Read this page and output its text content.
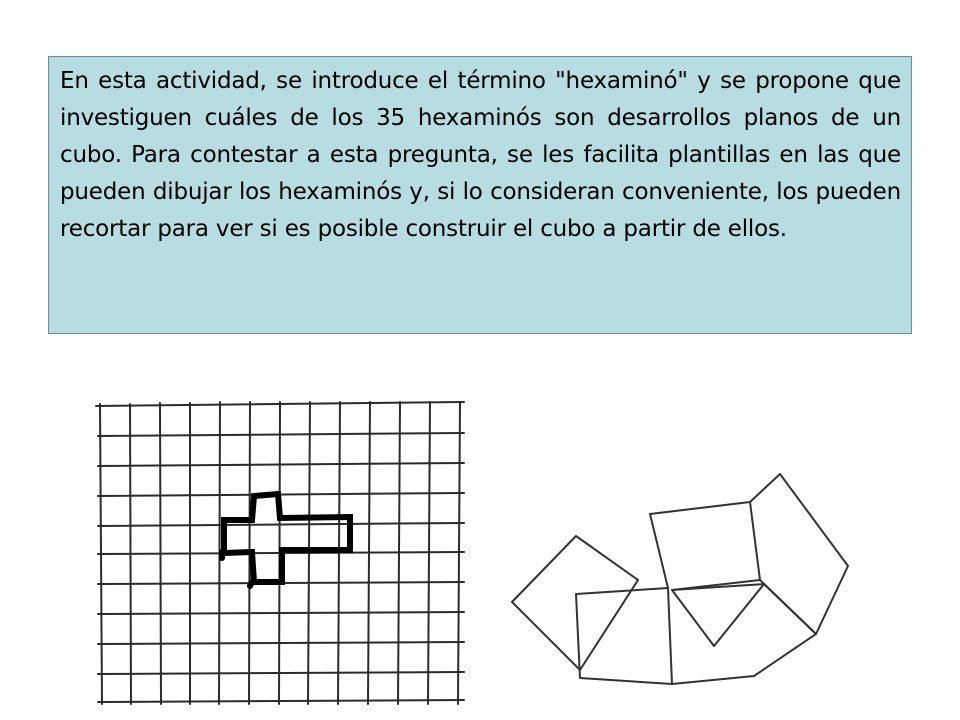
En esta actividad, se introduce el término "hexaminó" y se propone que investiguen cuáles de los 35 hexaminós son desarrollos planos de un cubo. Para contestar a esta pregunta, se les facilita plantillas en las que pueden dibujar los hexaminós y, si lo consideran conveniente, los pueden recortar para ver si es posible construir el cubo a partir de ellos.
